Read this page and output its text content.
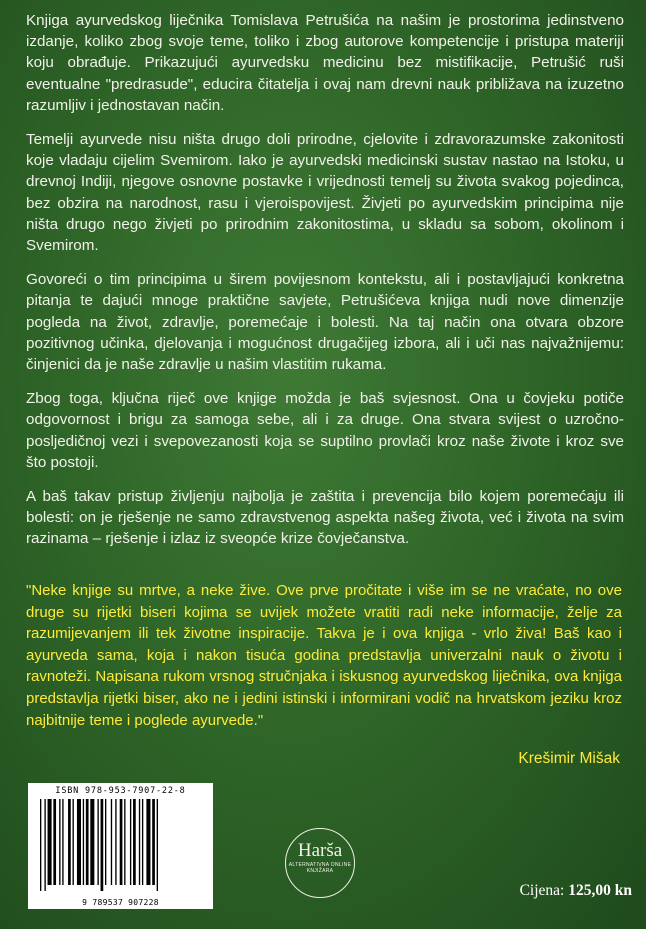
Knjiga ayurvedskog liječnika Tomislava Petrušića na našim je prostorima jedinstveno izdanje, koliko zbog svoje teme, toliko i zbog autorove kompetencije i pristupa materiji koju obrađuje. Prikazujući ayurvedsku medicinu bez mistifikacije, Petrušić ruši eventualne "predrasude", educira čitatelja i ovaj nam drevni nauk približava na izuzetno razumljiv i jednostavan način.

Temelji ayurvede nisu ništa drugo doli prirodne, cjelovite i zdravorazumske zakonitosti koje vladaju cijelim Svemirom. Iako je ayurvedski medicinski sustav nastao na Istoku, u drevnoj Indiji, njegove osnovne postavke i vrijednosti temelj su života svakog pojedinca, bez obzira na narodnost, rasu i vjeroispovijest. Živjeti po ayurvedskim principima nije ništa drugo nego živjeti po prirodnim zakonitostima, u skladu sa sobom, okolinom i Svemirom.

Govoreći o tim principima u širem povijesnom kontekstu, ali i postavljajući konkretna pitanja te dajući mnoge praktične savjete, Petrušićeva knjiga nudi nove dimenzije pogleda na život, zdravlje, poremećaje i bolesti. Na taj način ona otvara obzore pozitivnog učinka, djelovanja i mogućnost drugačijeg izbora, ali i uči nas najvažnijemu: činjenici da je naše zdravlje u našim vlastitim rukama.

Zbog toga, ključna riječ ove knjige možda je baš svjesnost. Ona u čovjeku potiče odgovornost i brigu za samoga sebe, ali i za druge. Ona stvara svijest o uzročno-posljedičnoj vezi i svepovezanosti koja se suptilno provlači kroz naše živote i kroz sve što postoji.

A baš takav pristup življenju najbolja je zaštita i prevencija bilo kojem poremećaju ili bolesti: on je rješenje ne samo zdravstvenog aspekta našeg života, već i života na svim razinama – rješenje i izlaz iz sveopće krize čovječanstva.

"Neke knjige su mrtve, a neke žive. Ove prve pročitate i više im se ne vraćate, no ove druge su rijetki biseri kojima se uvijek možete vratiti radi neke informacije, želje za razumijevanjem ili tek životne inspiracije. Takva je i ova knjiga - vrlo živa! Baš kao i ayurveda sama, koja i nakon tisuća godina predstavlja univerzalni nauk o životu i ravnoteži. Napisana rukom vrsnog stručnjaka i iskusnog ayurvedskog liječnika, ova knjiga predstavlja rijetki biser, ako ne i jedini istinski i informirani vodič na hrvatskom jeziku kroz najbitnije teme i poglede ayurvede."

Krešimir Mišak
ISBN 978-953-7907-22-8
9 789537 907228
Harša
ALTERNATIVNA ONLINE KNJIŽARA
Cijena: 125,00 kn
